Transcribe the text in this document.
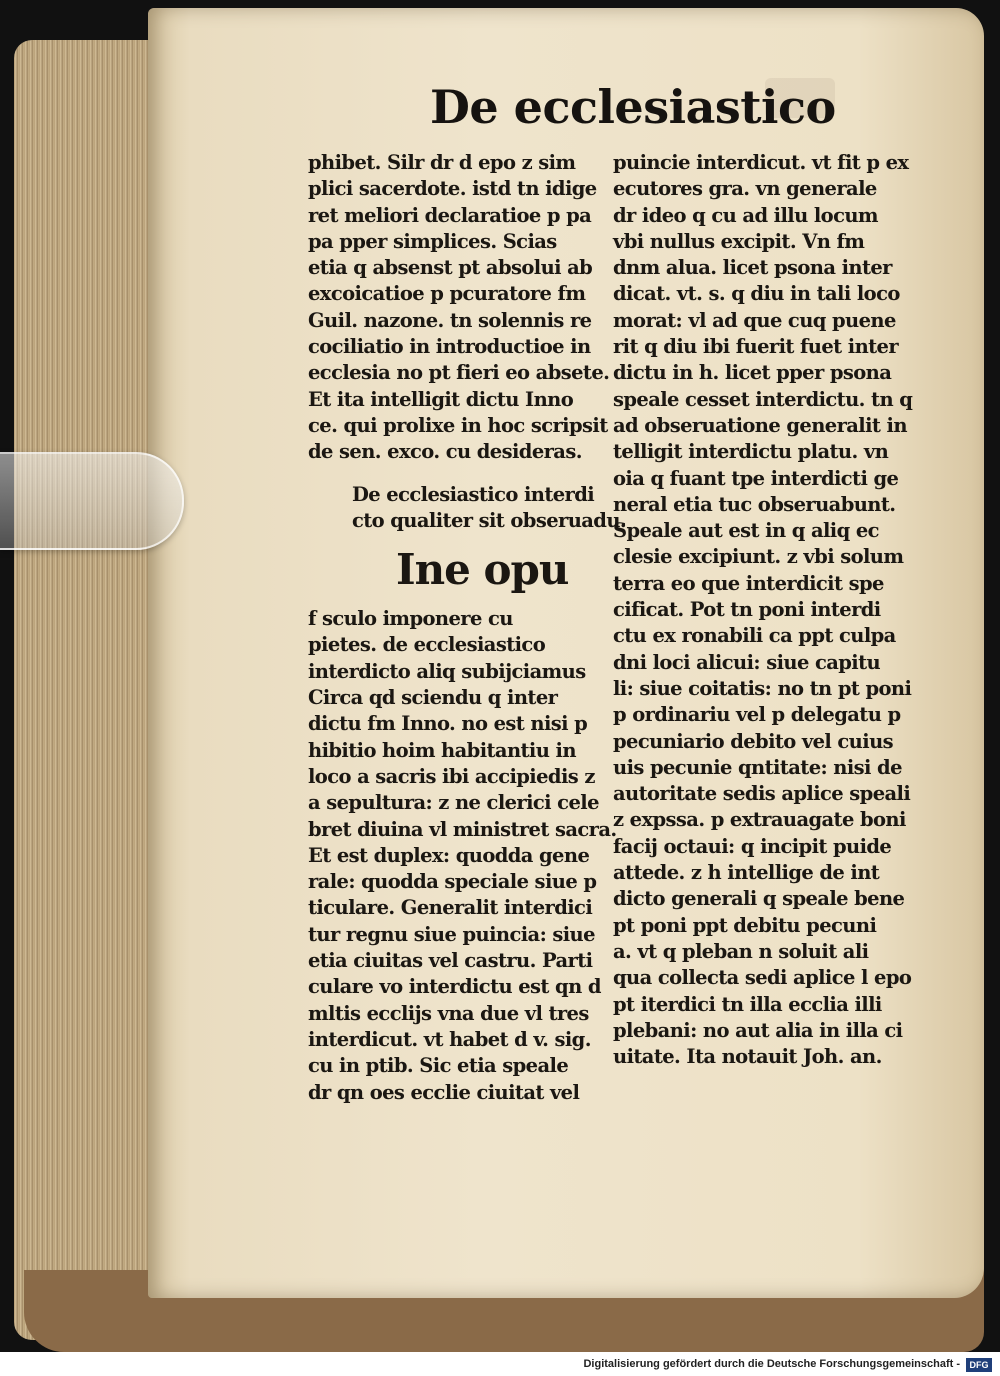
De ecclesiastico
phibet. Silr dr d epo z sim
plici sacerdote. istd tn idige
ret meliori declaratioe p pa
pa pper simplices. Scias
etia q absenst pt absolui ab
excoicatioe p pcuratore fm
Guil. nazone. tn solennis re
cociliatio in introductioe in
ecclesia no pt fieri eo absete.
Et ita intelligit dictu Inno
ce. qui prolixe in hoc scripsit
de sen. exco. cu desideras.
De ecclesiastico interdi
cto qualiter sit obseruadu.
Ine opu
f sculo imponere cu
pietes. de ecclesiastico
interdicto aliq subijciamus
Circa qd sciendu q inter
dictu fm Inno. no est nisi p
hibitio hoim habitantiu in
loco a sacris ibi accipiedis z
a sepultura: z ne clerici cele
bret diuina vl ministret sacra.
Et est duplex: quodda gene
rale: quodda speciale siue p
ticulare. Generalit interdici
tur regnu siue puincia: siue
etia ciuitas vel castru. Parti
culare vo interdictu est qn d
mltis ecclijs vna due vl tres
interdicut. vt habet d v. sig.
cu in ptib. Sic etia speale
dr qn oes ecclie ciuitat vel
puincie interdicut. vt fit p ex
ecutores gra. vn generale
dr ideo q cu ad illu locum
vbi nullus excipit. Vn fm
dnm alua. licet psona inter
dicat. vt. s. q diu in tali loco
morat: vl ad que cuq puene
rit q diu ibi fuerit fuet inter
dictu in h. licet pper psona
speale cesset interdictu. tn q
ad obseruatione generalit in
telligit interdictu platu. vn
oia q fuant tpe interdicti ge
neral etia tuc obseruabunt.
Speale aut est in q aliq ec
clesie excipiunt. z vbi solum
terra eo que interdicit spe
cificat. Pot tn poni interdi
ctu ex ronabili ca ppt culpa
dni loci alicui: siue capitu
li: siue coitatis: no tn pt poni
p ordinariu vel p delegatu p
pecuniario debito vel cuius
uis pecunie qntitate: nisi de
autoritate sedis aplice speali
z expssa. p extrauagate boni
facij octaui: q incipit puide
attede. z h intellige de int
dicto generali q speale bene
pt poni ppt debitu pecuni
a. vt q pleban n soluit ali
qua collecta sedi aplice l epo
pt iterdici tn illa ecclia illi
plebani: no aut alia in illa ci
uitate. Ita notauit Joh. an.
Digitalisierung gefördert durch die Deutsche Forschungsgemeinschaft -	DFG
